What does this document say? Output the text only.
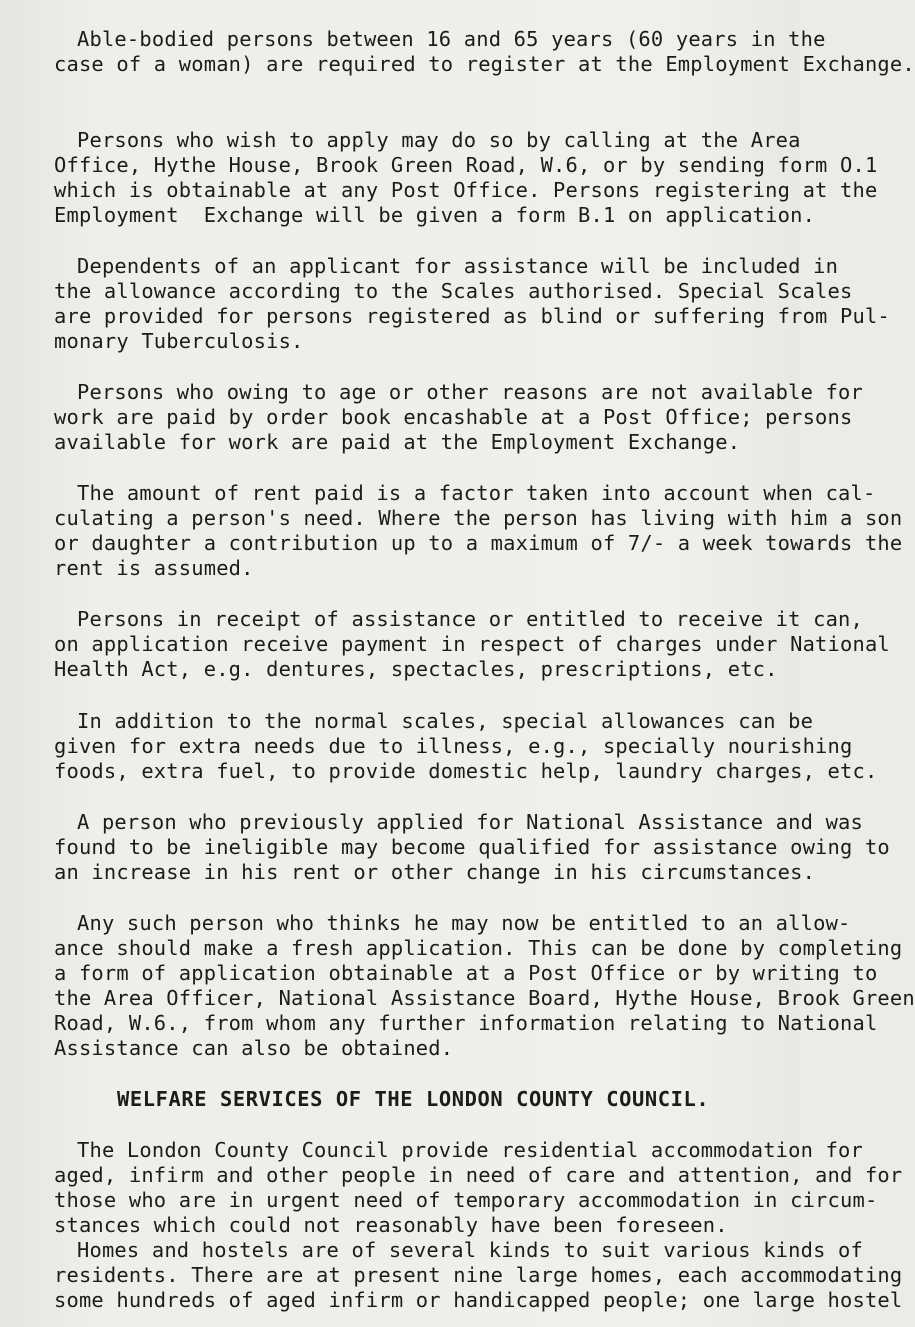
Able-bodied persons between 16 and 65 years (60 years in the
case of a woman) are required to register at the Employment Exchange.
Persons who wish to apply may do so by calling at the Area
Office, Hythe House, Brook Green Road, W.6, or by sending form O.1
which is obtainable at any Post Office. Persons registering at the
Employment  Exchange will be given a form B.1 on application.
Dependents of an applicant for assistance will be included in
the allowance according to the Scales authorised. Special Scales
are provided for persons registered as blind or suffering from Pul-
monary Tuberculosis.
Persons who owing to age or other reasons are not available for
work are paid by order book encashable at a Post Office; persons
available for work are paid at the Employment Exchange.
The amount of rent paid is a factor taken into account when cal-
culating a person's need. Where the person has living with him a son
or daughter a contribution up to a maximum of 7/- a week towards the
rent is assumed.
Persons in receipt of assistance or entitled to receive it can,
on application receive payment in respect of charges under National
Health Act, e.g. dentures, spectacles, prescriptions, etc.
In addition to the normal scales, special allowances can be
given for extra needs due to illness, e.g., specially nourishing
foods, extra fuel, to provide domestic help, laundry charges, etc.
A person who previously applied for National Assistance and was
found to be ineligible may become qualified for assistance owing to
an increase in his rent or other change in his circumstances.
Any such person who thinks he may now be entitled to an allow-
ance should make a fresh application. This can be done by completing
a form of application obtainable at a Post Office or by writing to
the Area Officer, National Assistance Board, Hythe House, Brook Green
Road, W.6., from whom any further information relating to National
Assistance can also be obtained.
WELFARE SERVICES OF THE LONDON COUNTY COUNCIL.
The London County Council provide residential accommodation for
aged, infirm and other people in need of care and attention, and for
those who are in urgent need of temporary accommodation in circum-
stances which could not reasonably have been foreseen.
Homes and hostels are of several kinds to suit various kinds of
residents. There are at present nine large homes, each accommodating
some hundreds of aged infirm or handicapped people; one large hostel
